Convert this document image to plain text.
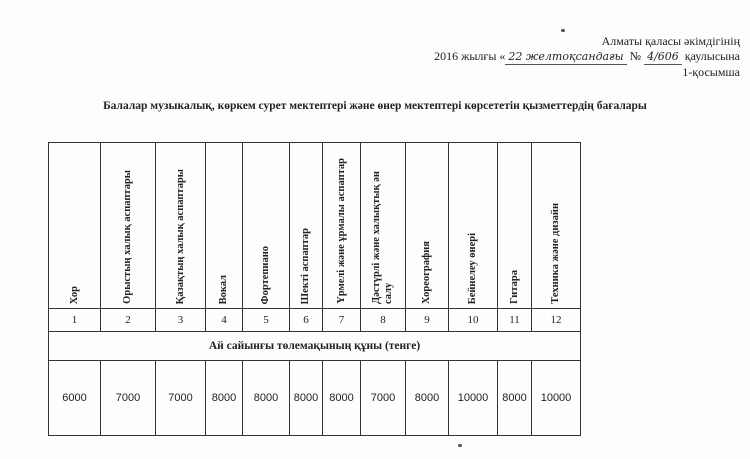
Алматы қаласы әкімдігінің
2016 жылғы « 22 желтоқсандағы № 4/606 қаулысына
1-қосымша
Балалар музыкалық, көркем сурет мектептері және өнер мектептері көрсететін қызметтердің бағалары
Хор	Орыстың халық аспаптары	Қазақтың халық аспаптары	Вокал	Фортепиано	Шекті аспаптар	Үрмелі және ұрмалы аспаптар	Дәстүрлі және халықтық ән салу	Хореография	Бейнелеу өнері	Гитара	Техника және дизайн

1	2	3	4	5	6	7	8	9	10	11	12
Ай сайынғы төлемақының құны (тенге)											
6000	7000	7000	8000	8000	8000	8000	7000	8000	10000	8000	10000
